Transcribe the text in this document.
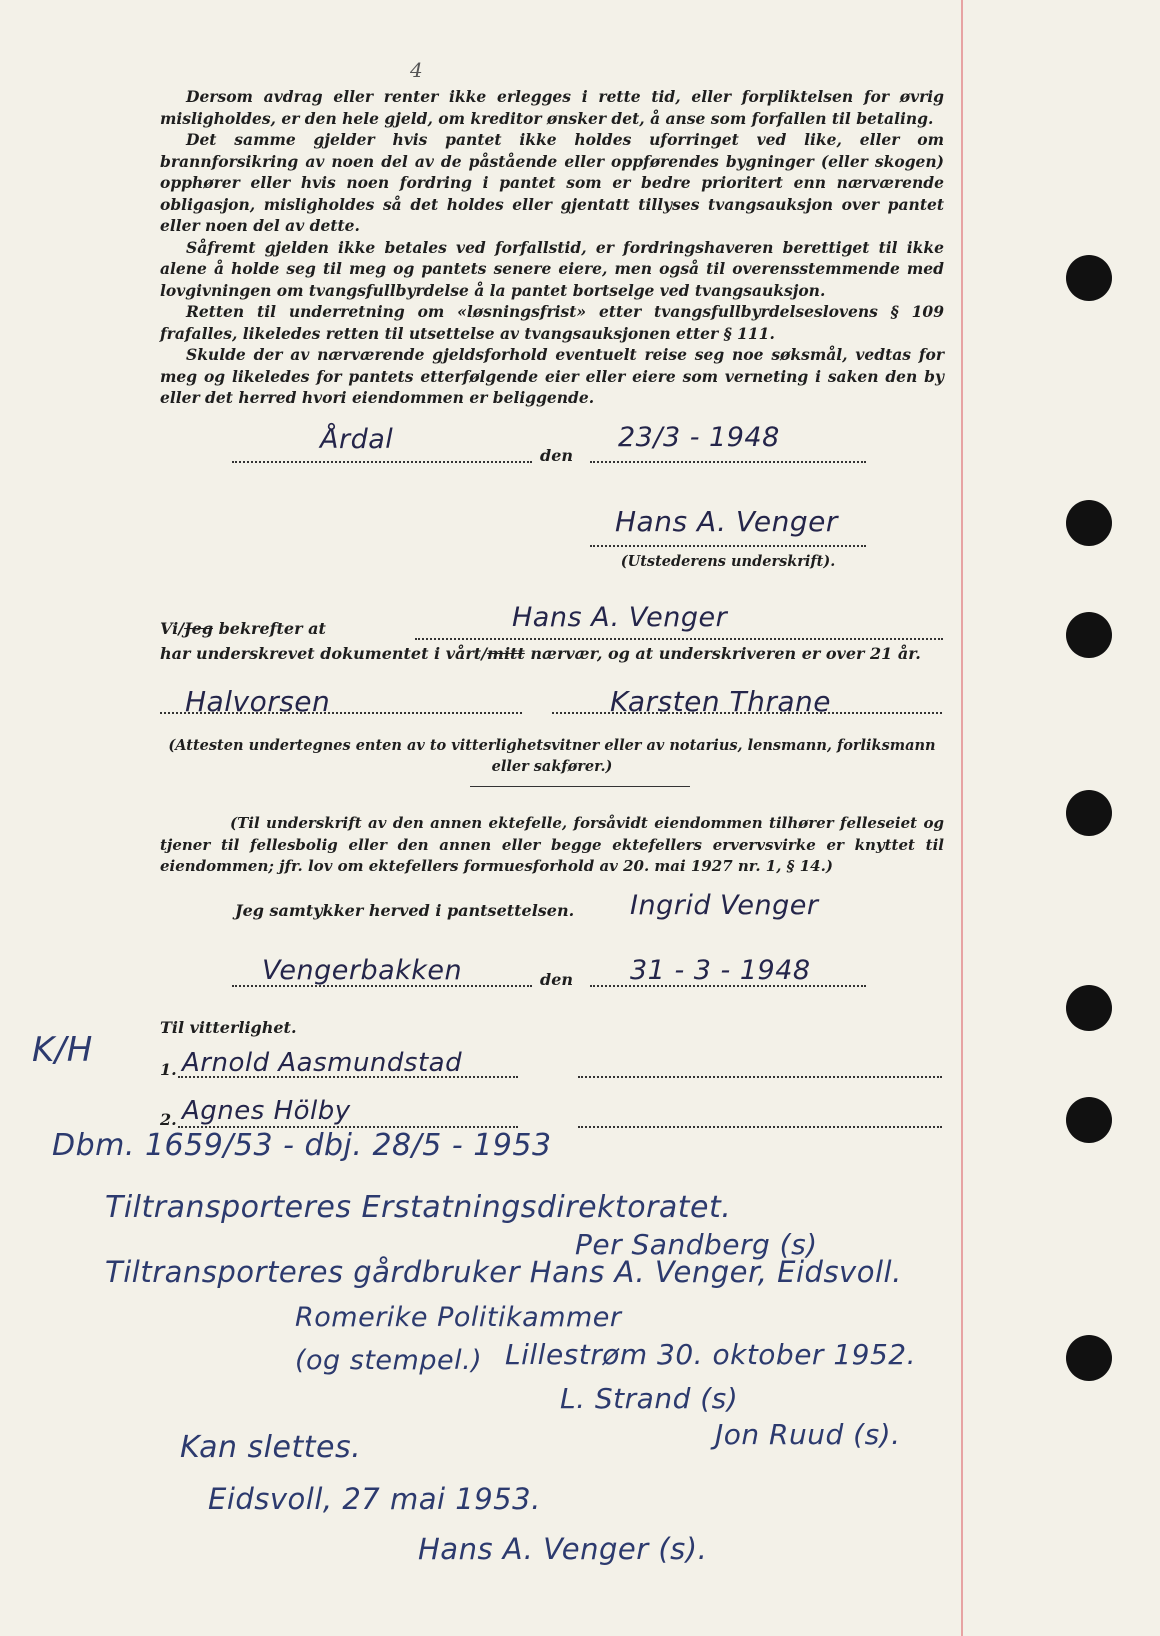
4

Dersom avdrag eller renter ikke erlegges i rette tid, eller forpliktelsen for øvrig misligholdes, er den hele gjeld, om kreditor ønsker det, å anse som forfallen til betaling.

Det samme gjelder hvis pantet ikke holdes uforringet ved like, eller om brannforsikring av noen del av de påstående eller oppførendes bygninger (eller skogen) opphører eller hvis noen fordring i pantet som er bedre prioritert enn nærværende obligasjon, misligholdes så det holdes eller gjentatt tillyses tvangsauksjon over pantet eller noen del av dette.

Såfremt gjelden ikke betales ved forfallstid, er fordringshaveren berettiget til ikke alene å holde seg til meg og pantets senere eiere, men også til overensstemmende med lovgivningen om tvangsfullbyrdelse å la pantet bortselge ved tvangsauksjon.

Retten til underretning om «løsningsfrist» etter tvangsfullbyrdelseslovens § 109 frafalles, likeledes retten til utsettelse av tvangsauksjonen etter § 111.

Skulde der av nærværende gjeldsforhold eventuelt reise seg noe søksmål, vedtas for meg og likeledes for pantets etterfølgende eier eller eiere som verneting i saken den by eller det herred hvori eiendommen er beliggende.

Årdal
den
23/3 - 1948
Hans A. Venger
(Utstederens underskrift).
Vi/Jeg bekrefter at	Hans A. Venger
har underskrevet dokumentet i vårt/mitt nærvær, og at underskriveren er over 21 år.
Halvorsen	Karsten Thrane
(Attesten undertegnes enten av to vitterlighetsvitner eller av notarius, lensmann, forliksmann eller sakfører.)
(Til underskrift av den annen ektefelle, forsåvidt eiendommen tilhører felleseiet og tjener til fellesbolig eller den annen eller begge ektefellers ervervsvirke er knyttet til eiendommen; jfr. lov om ektefellers formuesforhold av 20. mai 1927 nr. 1, § 14.)
Jeg samtykker herved i pantsettelsen. Ingrid Venger
Vengerbakken	den 31 - 3 - 1948
Til vitterlighet.
1. Arnold Aasmundstad
2. Agnes Hölby
K/H
Dbm. 1659/53 - dbj. 28/5 - 1953
Tiltransporteres Erstatningsdirektoratet.
Per Sandberg (s)
Tiltransporteres gårdbruker Hans A. Venger, Eidsvoll.
Romerike Politikammer
(og stempel.) Lillestrøm 30. oktober 1952.
L. Strand (s)
Jon Ruud (s).
Kan slettes.
Eidsvoll, 27 mai 1953.
Hans A. Venger (s).
